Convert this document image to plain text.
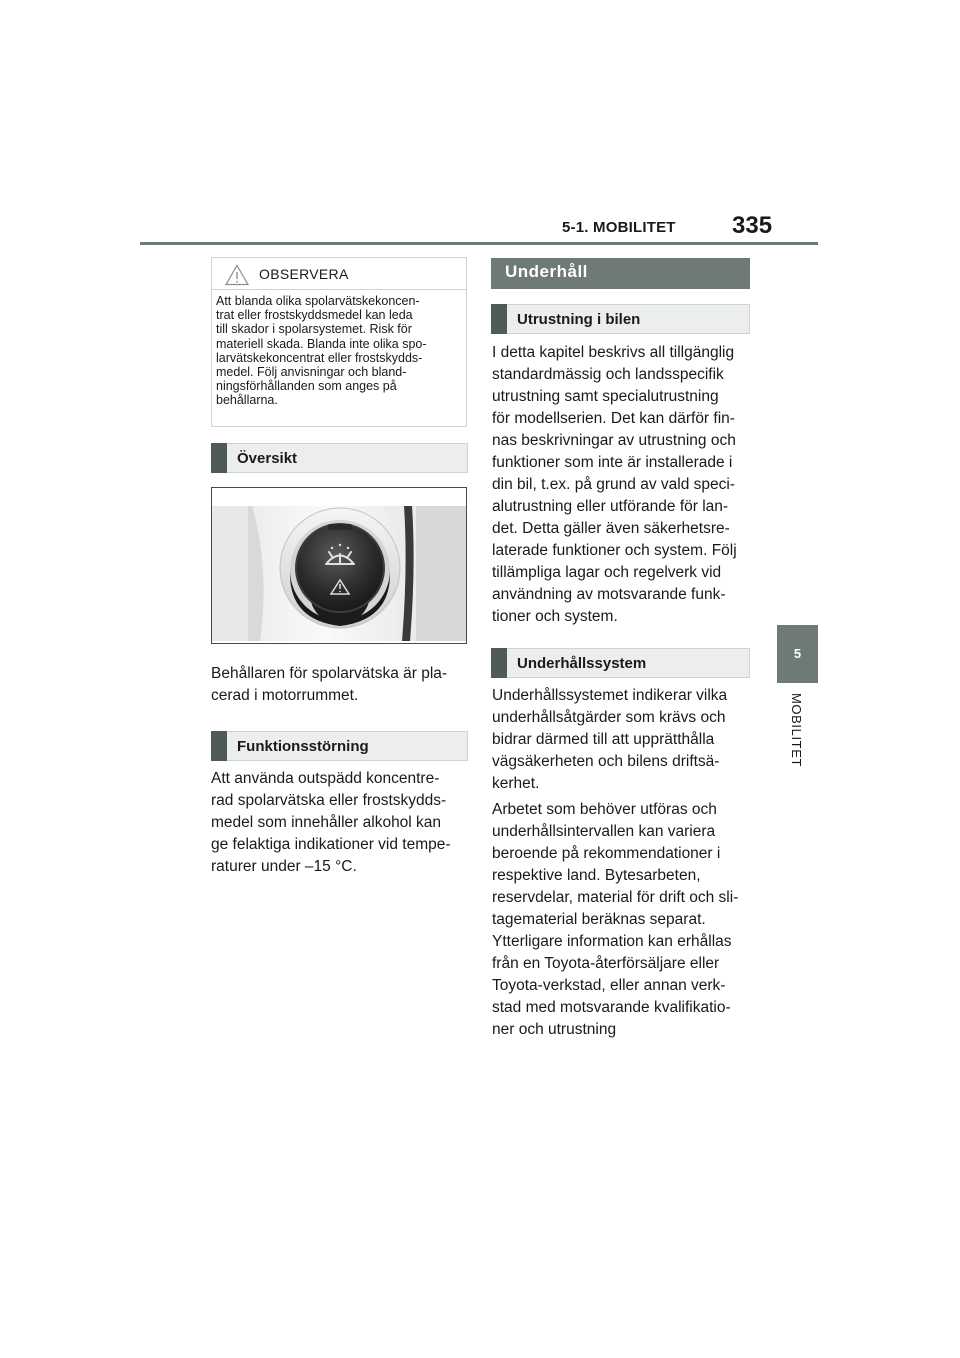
5-1. MOBILITET 335
5
MOBILITET
OBSERVERA

Att blanda olika spolarvätskekoncen-
trat eller frostskyddsmedel kan leda
till skador i spolarsystemet. Risk för
materiell skada. Blanda inte olika spo-
larvätskekoncentrat eller frostskydds-
medel. Följ anvisningar och bland-
ningsförhållanden som anges på
behållarna.

Översikt

Behållaren för spolarvätska är pla-
cerad i motorrummet.

Funktionsstörning

Att använda outspädd koncentre-
rad spolarvätska eller frostskydds-
medel som innehåller alkohol kan
ge felaktiga indikationer vid tempe-
raturer under –15 °C.

Underhåll
Utrustning i bilen

I detta kapitel beskrivs all tillgänglig
standardmässig och landsspecifik
utrustning samt specialutrustning
för modellserien. Det kan därför fin-
nas beskrivningar av utrustning och
funktioner som inte är installerade i
din bil, t.ex. på grund av vald speci-
alutrustning eller utförande för lan-
det. Detta gäller även säkerhetsre-
laterade funktioner och system. Följ
tillämpliga lagar och regelverk vid
användning av motsvarande funk-
tioner och system.

Underhållssystem

Underhållssystemet indikerar vilka
underhållsåtgärder som krävs och
bidrar därmed till att upprätthålla
vägsäkerheten och bilens driftsä-
kerhet.

Arbetet som behöver utföras och
underhållsintervallen kan variera
beroende på rekommendationer i
respektive land. Bytesarbeten,
reservdelar, material för drift och sli-
tagematerial beräknas separat.
Ytterligare information kan erhållas
från en Toyota-återförsäljare eller
Toyota-verkstad, eller annan verk-
stad med motsvarande kvalifikatio-
ner och utrustning
